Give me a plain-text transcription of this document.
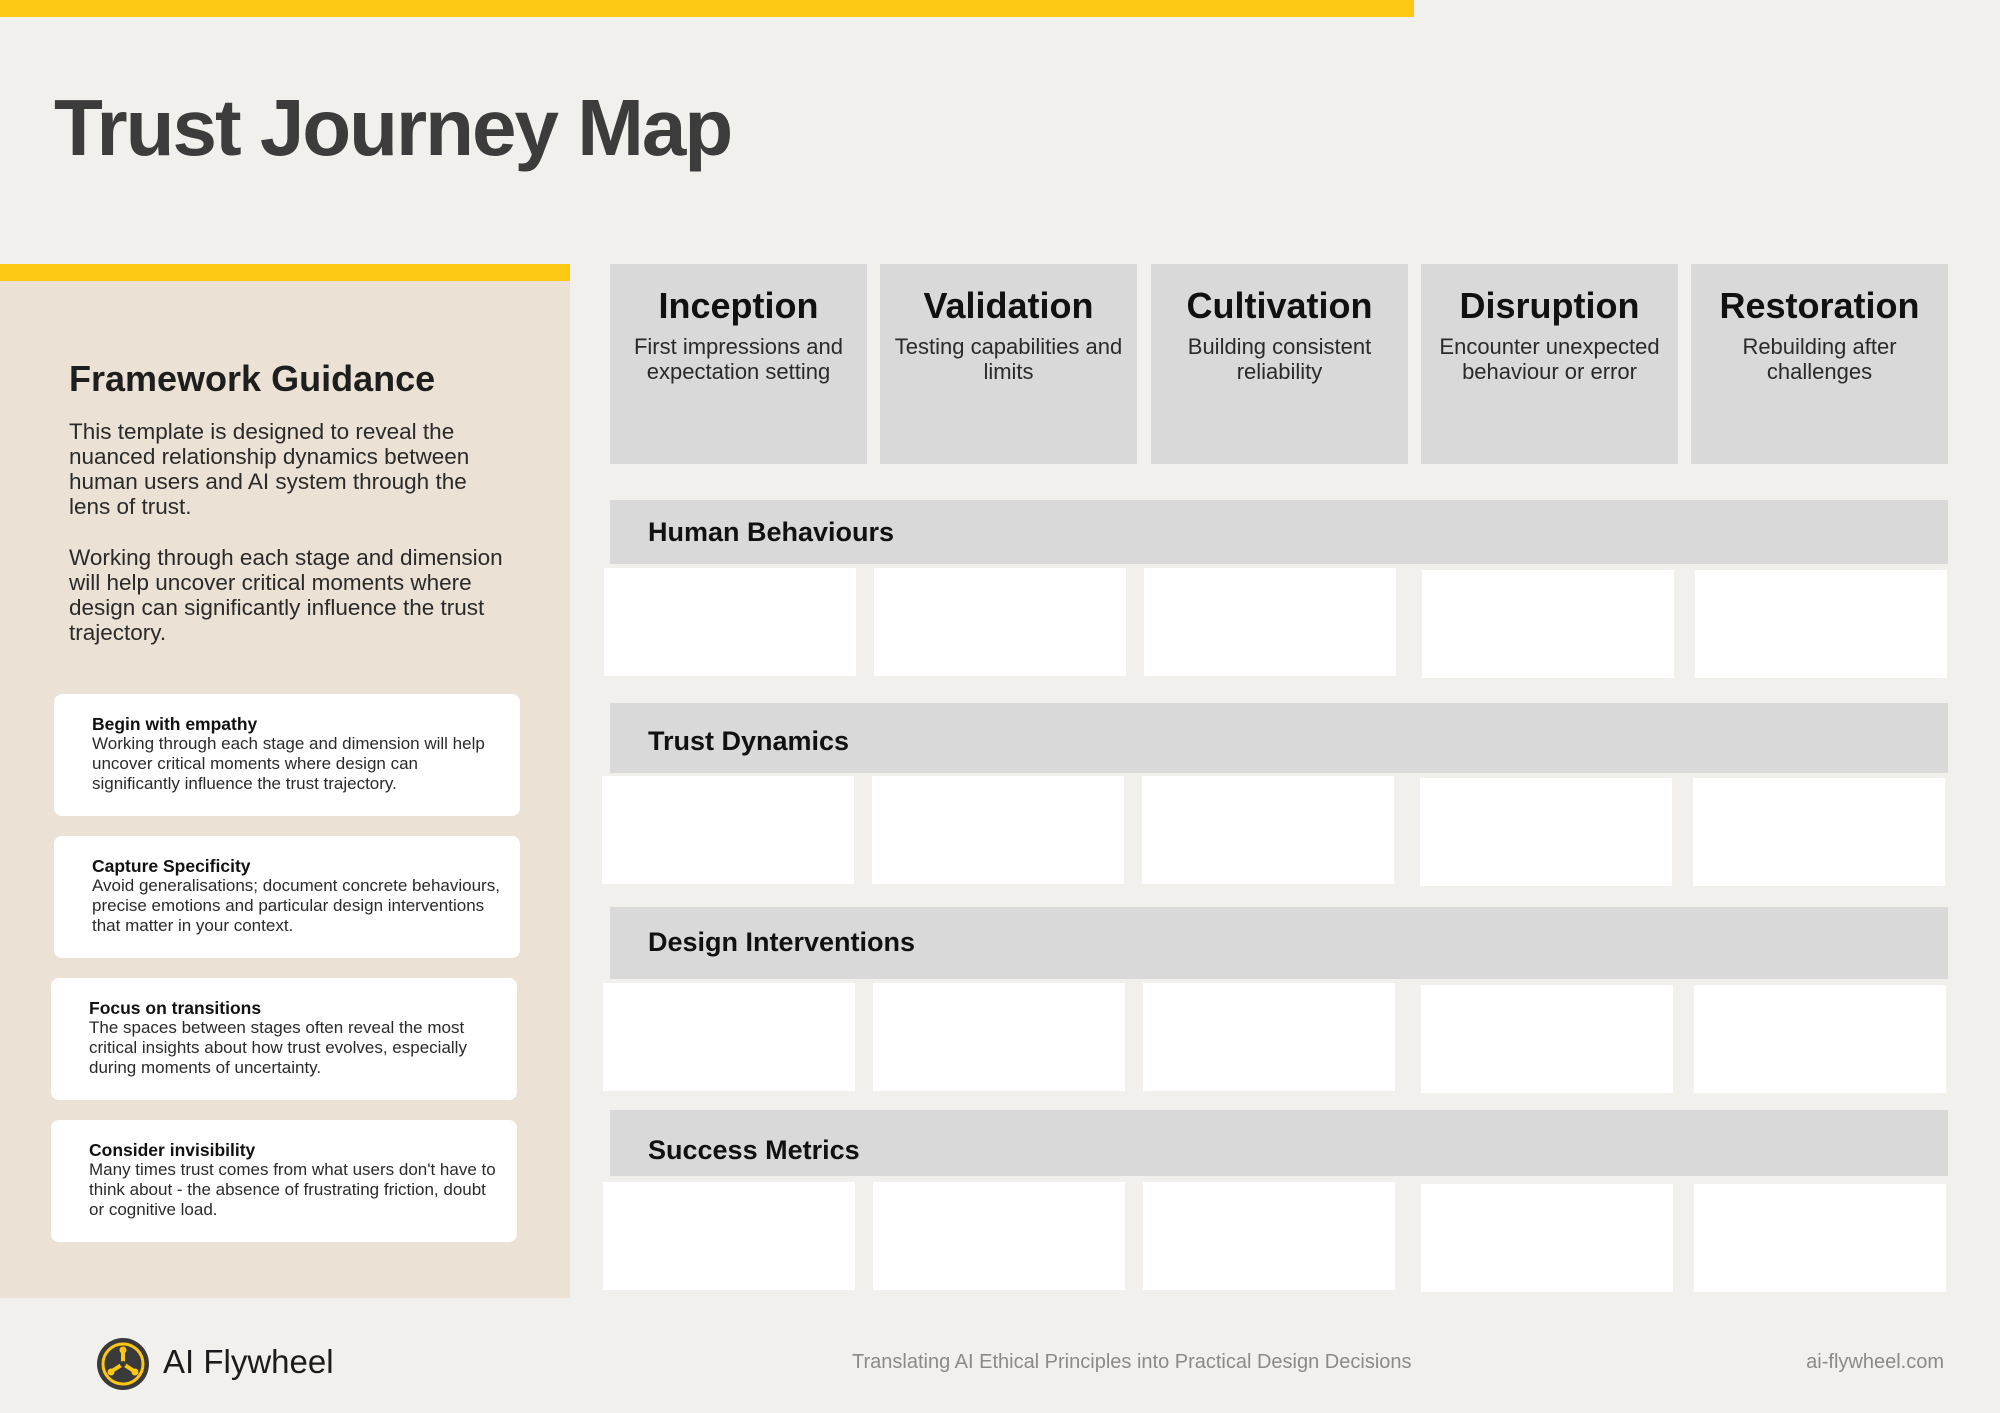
Trust Journey Map
Framework Guidance

This template is designed to reveal the nuanced relationship dynamics between human users and AI system through the lens of trust.

Working through each stage and dimension will help uncover critical moments where design can significantly influence the trust trajectory.

Begin with empathy
Working through each stage and dimension will help uncover critical moments where design can significantly influence the trust trajectory.
Capture Specificity
Avoid generalisations; document concrete behaviours, precise emotions and particular design interventions that matter in your context.
Focus on transitions
The spaces between stages often reveal the most critical insights about how trust evolves, especially during moments of uncertainty.
Consider invisibility
Many times trust comes from what users don't have to think about - the absence of frustrating friction, doubt or cognitive load.
Inception
First impressions and expectation setting
Validation
Testing capabilities and limits
Cultivation
Building consistent reliability
Disruption
Encounter unexpected behaviour or error
Restoration
Rebuilding after challenges
Human Behaviours
Trust Dynamics
Design Interventions
Success Metrics
AI Flywheel	Translating AI Ethical Principles into Practical Design Decisions	ai-flywheel.com
